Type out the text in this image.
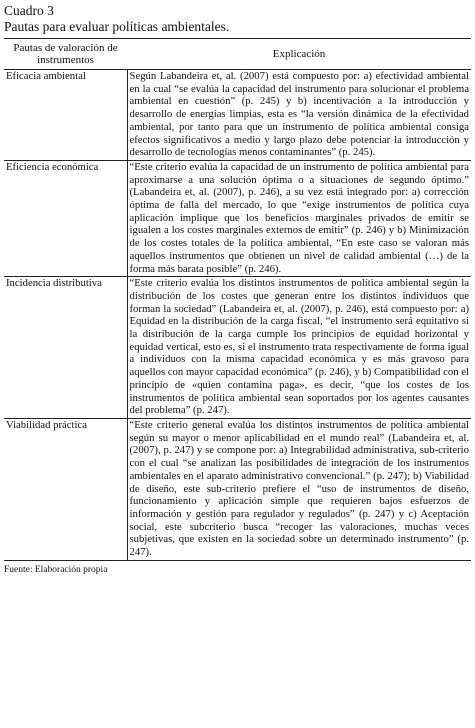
Cuadro 3
Pautas para evaluar políticas ambientales.
Pautas de valoración de instrumentos	Explicación
Eficacia ambiental	Según Labandeira et, al. (2007) está compuesto por: a) efectividad ambiental en la cual “se evalúa la capacidad del instrumento para solucionar el problema ambiental en cuestión” (p. 245) y b) incentivación a la introducción y desarrollo de energías limpias, esta es “la versión dinámica de la efectividad ambiental, por tanto para que un instrumento de política ambiental consiga efectos significativos a medio y largo plazo debe potenciar la introducción y desarrollo de tecnologías menos contaminantes” (p. 245).
Eficiencia económica	“Este criterio evalúa la capacidad de un instrumento de política ambiental para aproximarse a una solución óptima o a situaciones de segundo óptimo.” (Labandeira et, al. (2007), p. 246), a su vez está integrado por: a) corrección óptima de falla del mercado, lo que “exige instrumentos de política cuya aplicación implique que los beneficios marginales privados de emitir se igualen a los costes marginales externos de emitir” (p. 246) y b) Minimización de los costes totales de la política ambiental, “En este caso se valoran más aquellos instrumentos que obtienen un nivel de calidad ambiental (…) de la forma más barata posible” (p. 246).
Incidencia distributiva	“Este criterio evalúa los distintos instrumentos de política ambiental según la distribución de los costes que generan entre los distintos individuos que forman la sociedad” (Labandeira et, al. (2007), p. 246), está compuesto por: a) Equidad en la distribución de la carga fiscal, “el instrumento será equitativo si la distribución de la carga cumple los principios de equidad horizontal y equidad vertical, esto es, si el instrumento trata respectivamente de forma igual a individuos con la misma capacidad económica y es más gravoso para aquellos con mayor capacidad económica” (p. 246), y b) Compatibilidad con el principio de «quien contamina paga», es decir, “que los costes de los instrumentos de política ambiental sean soportados por los agentes causantes del problema” (p. 247).
Viabilidad práctica	“Este criterio general evalúa los distintos instrumentos de política ambiental según su mayor o menor aplicabilidad en el mundo real” (Labandeira et, al. (2007), p. 247) y se compone por: a) Integrabilidad administrativa, sub-criterio con el cual “se analizan las posibilidades de integración de los instrumentos ambientales en el aparato administrativo convencional.” (p. 247); b) Viabilidad de diseño, este sub-criterio prefiere el “uso de instrumentos de diseño, funcionamiento y aplicación simple que requieren bajos esfuerzos de información y gestión para regulador y regulados” (p. 247) y c) Aceptación social, este subcriterio busca “recoger las valoraciones, muchas veces subjetivas, que existen en la sociedad sobre un determinado instrumento” (p. 247).
Fuente: Elaboración propia
